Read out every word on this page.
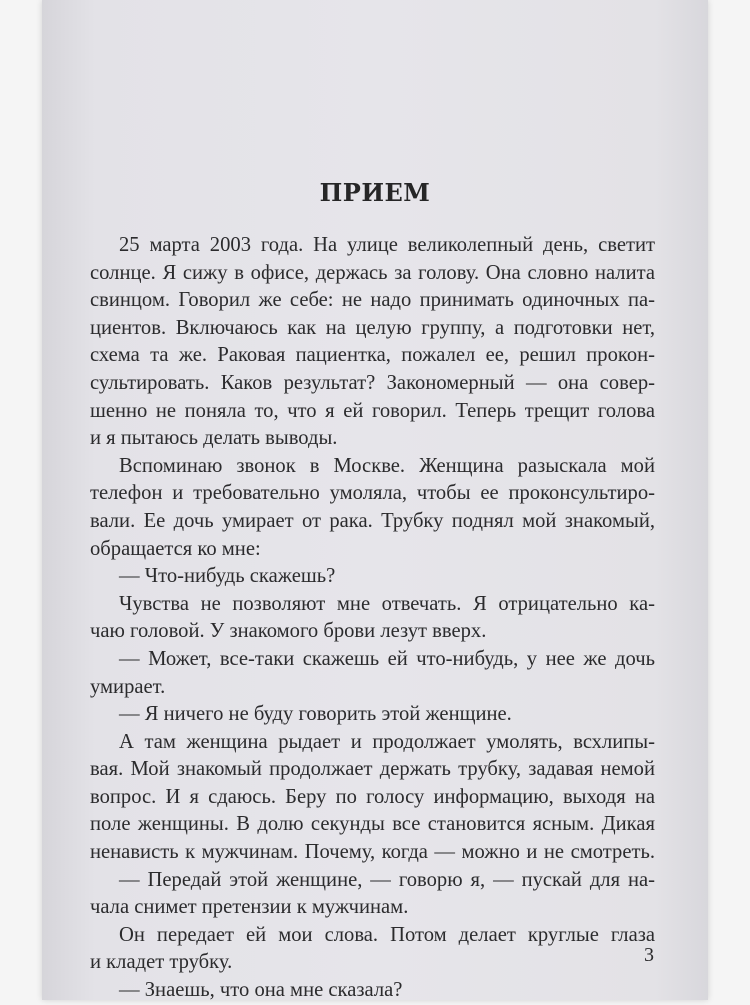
ПРИЕМ
25 марта 2003 года. На улице великолепный день, светит
солнце. Я сижу в офисе, держась за голову. Она словно налита
свинцом. Говорил же себе: не надо принимать одиночных па-
циентов. Включаюсь как на целую группу, а подготовки нет,
схема та же. Раковая пациентка, пожалел ее, решил прокон-
сультировать. Каков результат? Закономерный — она совер-
шенно не поняла то, что я ей говорил. Теперь трещит голова
и я пытаюсь делать выводы.
Вспоминаю звонок в Москве. Женщина разыскала мой
телефон и требовательно умоляла, чтобы ее проконсультиро-
вали. Ее дочь умирает от рака. Трубку поднял мой знакомый,
обращается ко мне:
— Что-нибудь скажешь?
Чувства не позволяют мне отвечать. Я отрицательно ка-
чаю головой. У знакомого брови лезут вверх.
— Может, все-таки скажешь ей что-нибудь, у нее же дочь
умирает.
— Я ничего не буду говорить этой женщине.
А там женщина рыдает и продолжает умолять, всхлипы-
вая. Мой знакомый продолжает держать трубку, задавая немой
вопрос. И я сдаюсь. Беру по голосу информацию, выходя на
поле женщины. В долю секунды все становится ясным. Дикая
ненависть к мужчинам. Почему, когда — можно и не смотреть.
— Передай этой женщине, — говорю я, — пускай для на-
чала снимет претензии к мужчинам.
Он передает ей мои слова. Потом делает круглые глаза
и кладет трубку.
— Знаешь, что она мне сказала?
3
